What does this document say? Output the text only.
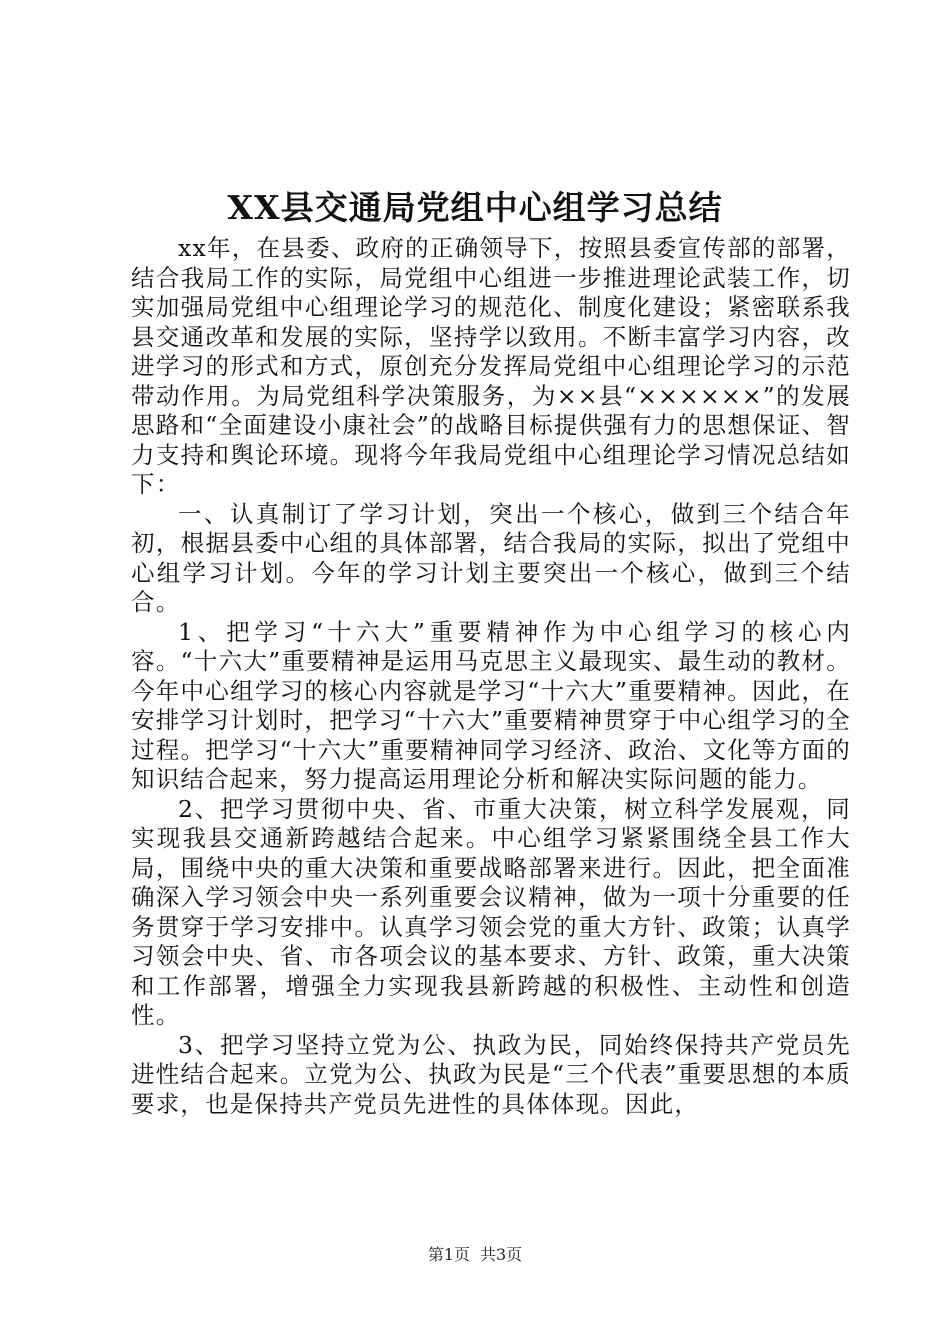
XX县交通局党组中心组学习总结

xx年，在县委、政府的正确领导下，按照县委宣传部的部署，结合我局工作的实际，局党组中心组进一步推进理论武装工作，切实加强局党组中心组理论学习的规范化、制度化建设；紧密联系我县交通改革和发展的实际，坚持学以致用。不断丰富学习内容，改进学习的形式和方式，原创充分发挥局党组中心组理论学习的示范带动作用。为局党组科学决策服务，为××县“××××××”的发展思路和“全面建设小康社会”的战略目标提供强有力的思想保证、智力支持和舆论环境。现将今年我局党组中心组理论学习情况总结如下：

一、认真制订了学习计划，突出一个核心，做到三个结合年初，根据县委中心组的具体部署，结合我局的实际，拟出了党组中心组学习计划。今年的学习计划主要突出一个核心，做到三个结合。

1、把学习“十六大”重要精神作为中心组学习的核心内容。“十六大”重要精神是运用马克思主义最现实、最生动的教材。今年中心组学习的核心内容就是学习“十六大”重要精神。因此，在安排学习计划时，把学习“十六大”重要精神贯穿于中心组学习的全过程。把学习“十六大”重要精神同学习经济、政治、文化等方面的知识结合起来，努力提高运用理论分析和解决实际问题的能力。

2、把学习贯彻中央、省、市重大决策，树立科学发展观，同实现我县交通新跨越结合起来。中心组学习紧紧围绕全县工作大局，围绕中央的重大决策和重要战略部署来进行。因此，把全面准确深入学习领会中央一系列重要会议精神，做为一项十分重要的任务贯穿于学习安排中。认真学习领会党的重大方针、政策；认真学习领会中央、省、市各项会议的基本要求、方针、政策，重大决策和工作部署，增强全力实现我县新跨越的积极性、主动性和创造性。

3、把学习坚持立党为公、执政为民，同始终保持共产党员先进性结合起来。立党为公、执政为民是“三个代表”重要思想的本质要求，也是保持共产党员先进性的具体体现。因此，

第1页 共3页
